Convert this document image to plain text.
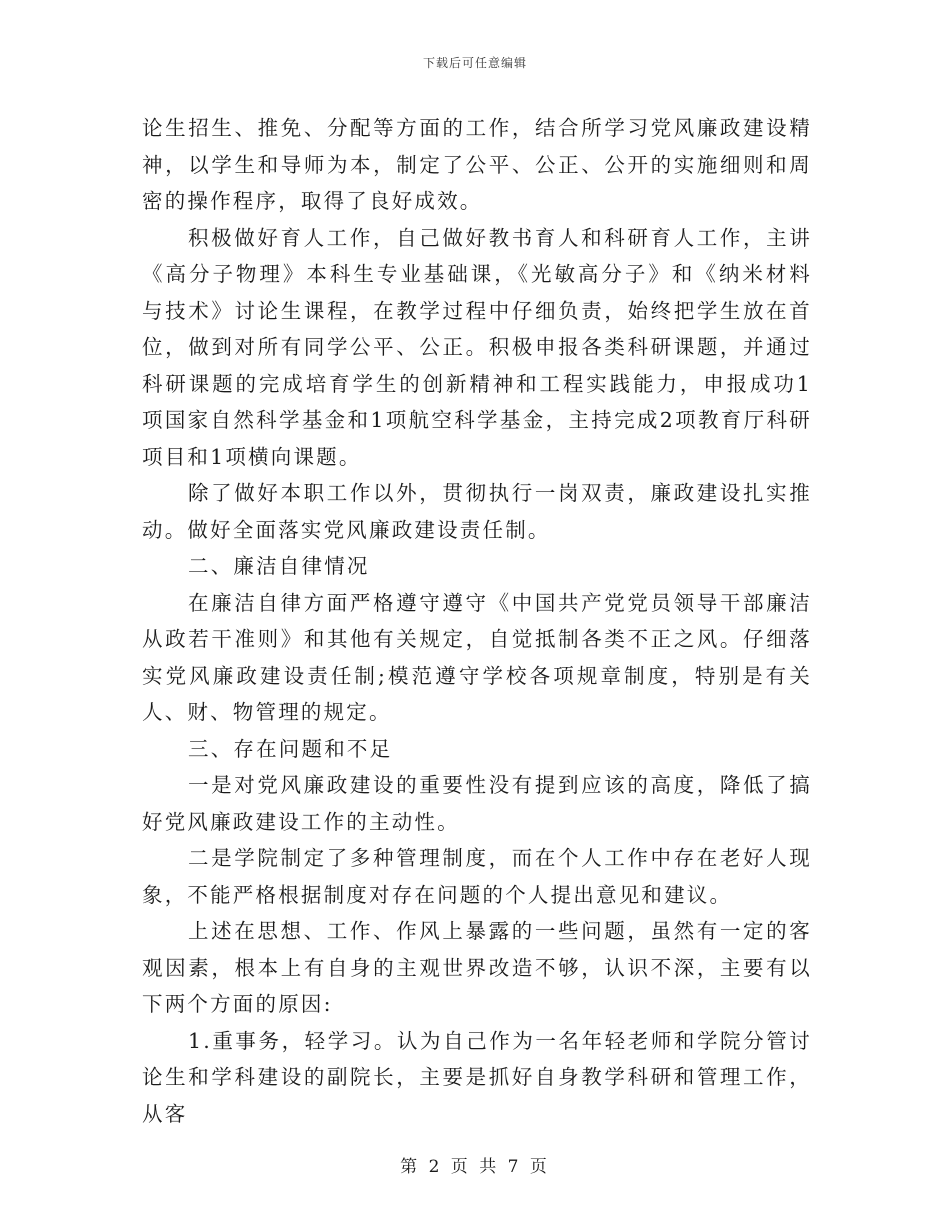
下载后可任意编辑

论生招生、推免、分配等方面的工作，结合所学习党风廉政建设精神，以学生和导师为本，制定了公平、公正、公开的实施细则和周密的操作程序，取得了良好成效。

积极做好育人工作，自己做好教书育人和科研育人工作，主讲《高分子物理》本科生专业基础课，《光敏高分子》和《纳米材料与技术》讨论生课程，在教学过程中仔细负责，始终把学生放在首位，做到对所有同学公平、公正。积极申报各类科研课题，并通过科研课题的完成培育学生的创新精神和工程实践能力，申报成功1项国家自然科学基金和1项航空科学基金，主持完成2项教育厅科研项目和1项横向课题。

除了做好本职工作以外，贯彻执行一岗双责，廉政建设扎实推动。做好全面落实党风廉政建设责任制。

二、廉洁自律情况

在廉洁自律方面严格遵守遵守《中国共产党党员领导干部廉洁从政若干准则》和其他有关规定，自觉抵制各类不正之风。仔细落实党风廉政建设责任制;模范遵守学校各项规章制度，特别是有关人、财、物管理的规定。

三、存在问题和不足

一是对党风廉政建设的重要性没有提到应该的高度，降低了搞好党风廉政建设工作的主动性。

二是学院制定了多种管理制度，而在个人工作中存在老好人现象，不能严格根据制度对存在问题的个人提出意见和建议。

上述在思想、工作、作风上暴露的一些问题，虽然有一定的客观因素，根本上有自身的主观世界改造不够，认识不深，主要有以下两个方面的原因:

1.重事务，轻学习。认为自己作为一名年轻老师和学院分管讨论生和学科建设的副院长，主要是抓好自身教学科研和管理工作，从客

第 2 页 共 7 页
